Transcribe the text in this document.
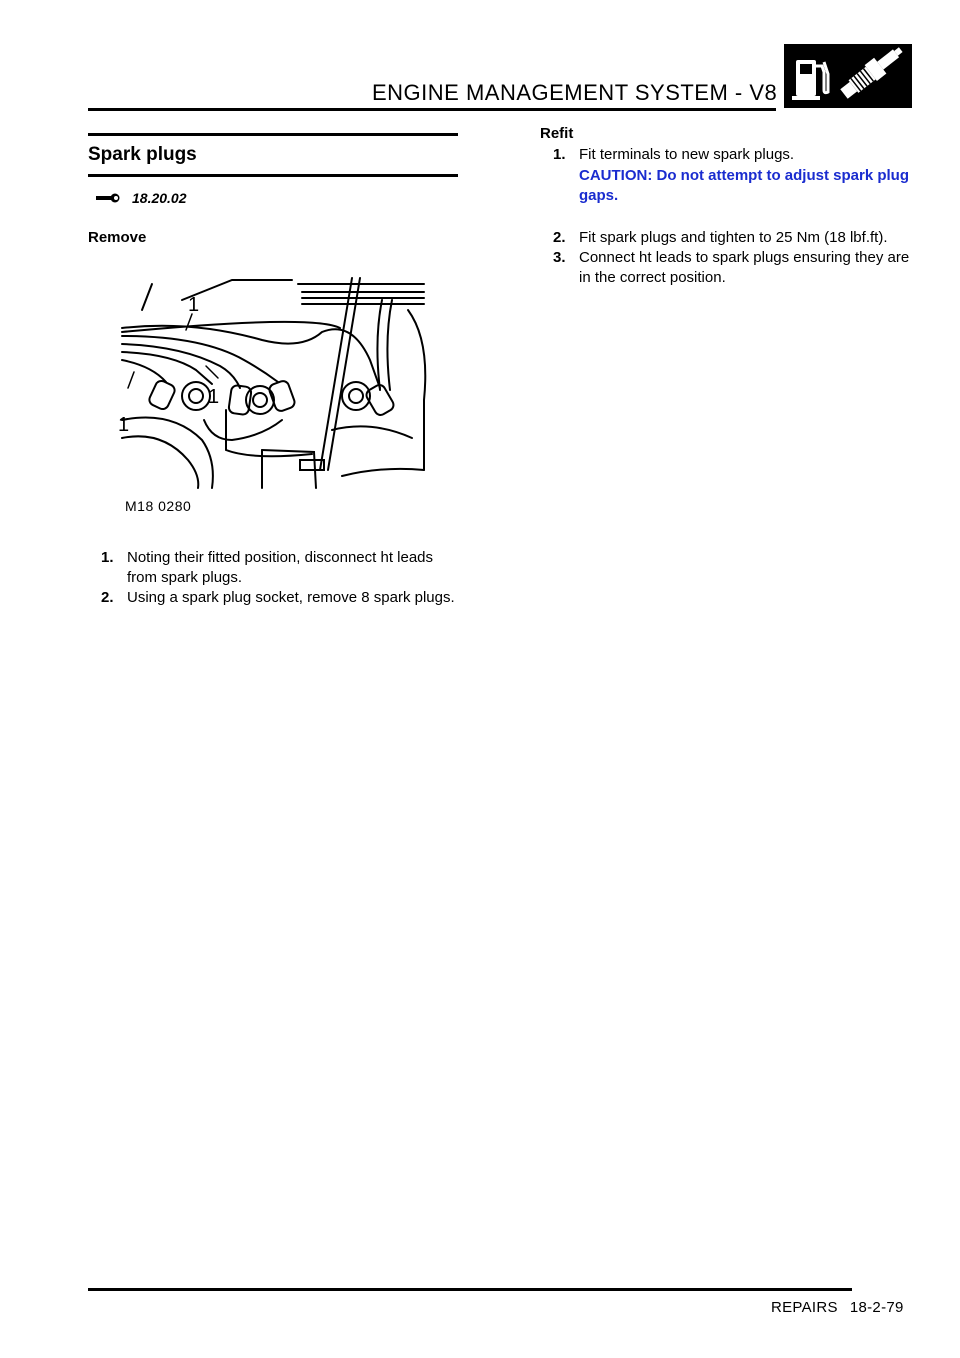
ENGINE MANAGEMENT SYSTEM - V8
Spark plugs
18.20.02
Remove
1
1
1
M18 0280
1. Noting their fitted position, disconnect ht leads from spark plugs.
2. Using a spark plug socket, remove 8 spark plugs.
Refit
1. Fit terminals to new spark plugs.
CAUTION: Do not attempt to adjust spark plug gaps.
2. Fit spark plugs and tighten to 25 Nm (18 lbf.ft).
3. Connect ht leads to spark plugs ensuring they are in the correct position.
REPAIRS 18-2-79
